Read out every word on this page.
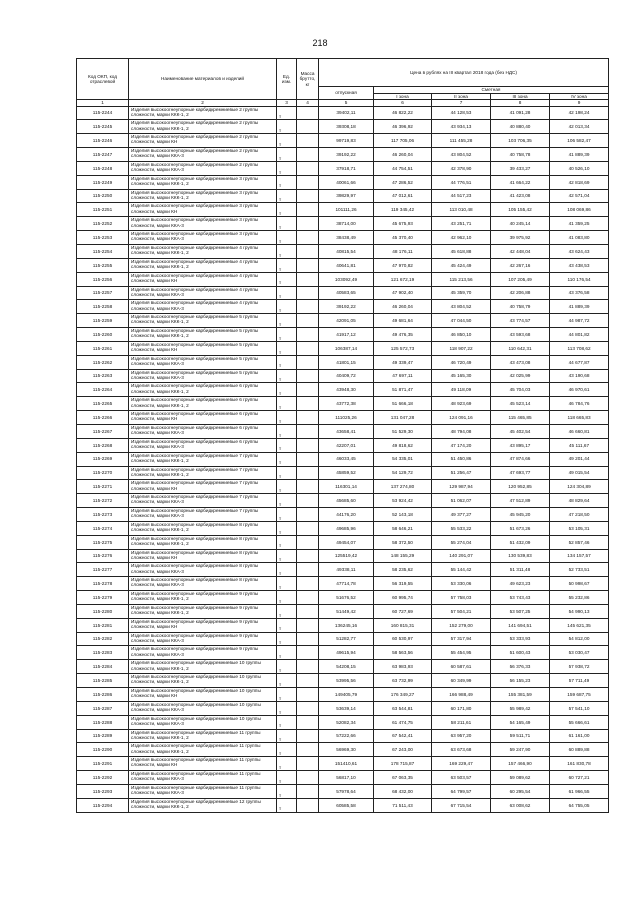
218
Код ОКП, код отраслевой	Наименование материалов и изделий	Ед. изм.	Масса брутто, кг	Цена в рублях на III квартал 2018 года (без НДС)				
				отпускная	Сметная			
					I зона	II зона	III зона	IV зона
1	2	3	4	5	6	7	8	9
115-2244	Изделия высокоогнеупорные карбидкремниевые 2 группы сложности, марки ККК-1, 2	т		39402,11	46 822,22	44 128,53	41 091,28	42 198,24
115-2245	Изделия высокоогнеупорные карбидкремниевые 2 группы сложности, марки ККК-1, 2	т		39308,18	46 396,92	43 934,13	40 880,40	42 013,34
115-2246	Изделия высокоогнеупорные карбидкремниевые 2 группы сложности, марки КН	т		99719,83	117 705,06	111 455,28	103 706,35	106 582,47
115-2247	Изделия высокоогнеупорные карбидкремниевые 2 группы сложности, марки ККА-3	т		39192,22	46 260,04	43 804,52	40 758,78	41 889,39
115-2248	Изделия высокоогнеупорные карбидкремниевые 2 группы сложности, марки ККА-3	т		37918,71	44 754,51	42 378,90	39 433,27	40 526,10
115-2249	Изделия высокоогнеупорные карбидкремниевые 3 группы сложности, марки ККК-1, 2	т		40061,66	47 286,52	44 776,51	41 664,22	42 818,69
115-2250	Изделия высокоогнеупорные карбидкремниевые 3 группы сложности, марки ККК-1, 2	т		39829,97	47 012,61	44 517,23	41 423,08	42 571,04
115-2251	Изделия высокоогнеупорные карбидкремниевые 3 группы сложности, марки КН	т		101111,26	119 345,42	113 010,48	105 155,42	108 069,86
115-2252	Изделия высокоогнеупорные карбидкремниевые 3 группы сложности, марки ККА-3	т		38714,00	45 675,93	43 251,71	40 245,14	41 359,25
115-2253	Изделия высокоогнеупорные карбидкремниевые 3 группы сложности, марки ККА-3	т		38438,49	45 370,40	42 962,10	39 975,92	41 083,80
115-2254	Изделия высокоогнеупорные карбидкремниевые 4 группы сложности, марки ККК-1, 2	т		40815,54	48 176,11	45 618,88	42 448,04	43 624,43
115-2255	Изделия высокоогнеупорные карбидкремниевые 4 группы сложности, марки ККК-1, 2	т		40641,81	47 970,82	45 424,49	42 267,16	43 438,53
115-2256	Изделия высокоогнеупорные карбидкремниевые 4 группы сложности, марки КН	т		103092,49	121 672,19	115 213,56	107 205,49	110 176,54
115-2257	Изделия высокоогнеупорные карбидкремниевые 4 группы сложности, марки ККА-3	т		40583,65	47 902,40	45 359,70	42 206,88	43 376,58
115-2258	Изделия высокоогнеупорные карбидкремниевые 4 группы сложности, марки ККА-3	т		39192,22	46 260,04	43 804,52	40 758,79	41 889,39
115-2259	Изделия высокоогнеупорные карбидкремниевые 5 группы сложности, марки ККК-1, 2	т		42091,05	49 681,64	47 044,50	43 774,57	44 987,72
115-2260	Изделия высокоогнеупорные карбидкремниевые 5 группы сложности, марки ККК-1, 2	т		41917,12	49 476,35	46 850,10	43 593,68	44 801,82
115-2261	Изделия высокоогнеупорные карбидкремниевые 5 группы сложности, марки КН	т		106387,14	125 572,73	118 907,22	110 642,31	113 708,62
115-2262	Изделия высокоогнеупорные карбидкремниевые 5 группы сложности, марки ККА-3	т		41801,15	49 339,47	46 720,49	43 473,08	44 677,87
115-2263	Изделия высокоогнеупорные карбидкремниевые 5 группы сложности, марки ККА-3	т		40409,72	47 697,11	45 165,30	42 025,99	43 190,68
115-2264	Изделия высокоогнеупорные карбидкремниевые 6 группы сложности, марки ККК-1, 2	т		43948,30	51 871,47	49 118,09	45 704,03	46 970,61
115-2265	Изделия высокоогнеупорные карбидкремниевые 6 группы сложности, марки ККК-1, 2	т		43772,38	51 666,18	48 923,69	45 523,14	46 784,76
115-2266	Изделия высокоогнеупорные карбидкремниевые 6 группы сложности, марки КН	т		111025,26	131 047,28	124 091,16	115 465,85	118 665,83
115-2267	Изделия высокоогнеупорные карбидкремниевые 6 группы сложности, марки ККА-3	т		43658,41	51 529,30	48 794,08	45 402,54	46 660,81
115-2268	Изделия высокоогнеупорные карбидкремниевые 6 группы сложности, марки ККА-3	т		42207,01	49 818,62	47 174,20	43 895,17	45 111,67
115-2269	Изделия высокоогнеупорные карбидкремниевые 7 группы сложности, марки ККК-1, 2	т		46033,45	54 335,01	51 450,86	47 874,66	49 201,44
115-2270	Изделия высокоогнеупорные карбидкремниевые 7 группы сложности, марки ККК-1, 2	т		45859,52	54 129,72	51 256,47	47 693,77	49 015,54
115-2271	Изделия высокоогнеупорные карбидкремниевые 7 группы сложности, марки КН	т		116301,14	137 274,80	129 987,94	120 952,85	124 304,89
115-2272	Изделия высокоогнеупорные карбидкремниевые 7 группы сложности, марки ККА-3	т		45685,60	53 924,42	51 062,07	47 512,89	48 829,64
115-2273	Изделия высокоогнеупорные карбидкремниевые 7 группы сложности, марки ККА-3	т		44176,20	52 143,18	49 377,27	45 945,20	47 218,50
115-2274	Изделия высокоогнеупорные карбидкремниевые 8 группы сложности, марки ККК-1, 2	т		49685,96	58 646,21	55 533,22	51 673,26	53 105,31
115-2275	Изделия высокоогнеупорные карбидкремниевые 8 группы сложности, марки ККК-1, 2	т		49454,07	58 372,50	55 274,04	51 432,09	52 857,46
115-2276	Изделия высокоогнеупорные карбидкремниевые 8 группы сложности, марки КН	т		125519,42	148 155,29	140 291,07	130 539,83	134 157,57
115-2277	Изделия высокоогнеупорные карбидкремниевые 8 группы сложности, марки ККА-3	т		49338,11	58 235,62	55 144,42	51 311,48	52 733,51
115-2278	Изделия высокоогнеупорные карбидкремниевые 8 группы сложности, марки ККА-3	т		47714,78	56 319,55	53 330,06	49 623,23	50 998,67
115-2279	Изделия высокоогнеупорные карбидкремниевые 9 группы сложности, марки ККК-1, 2	т		51676,52	60 995,74	57 758,03	53 743,43	55 232,86
115-2280	Изделия высокоогнеупорные карбидкремниевые 9 группы сложности, марки ККК-1, 2	т		51449,42	60 727,69	57 504,21	53 507,25	54 990,13
115-2281	Изделия высокоогнеупорные карбидкремниевые 9 группы сложности, марки КН	т		136245,16	160 815,31	152 279,00	141 694,51	145 621,35
115-2282	Изделия высокоогнеупорные карбидкремниевые 9 группы сложности, марки ККА-3	т		51282,77	60 530,97	57 317,94	53 333,93	54 812,00
115-2283	Изделия высокоогнеупорные карбидкремниевые 9 группы сложности, марки ККА-3	т		49615,94	58 563,56	55 454,95	51 600,43	53 030,47
115-2284	Изделия высокоогнеупорные карбидкремниевые 10 группы сложности, марки ККК-1, 2	т		54208,15	63 983,93	60 587,61	56 376,33	57 938,72
115-2285	Изделия высокоогнеупорные карбидкремниевые 10 группы сложности, марки ККК-1, 2	т		53995,56	63 732,99	60 349,99	56 155,23	57 711,49
115-2286	Изделия высокоогнеупорные карбидкремниевые 10 группы сложности, марки КН	т		149405,79	176 349,27	166 988,49	155 381,59	159 687,75
115-2287	Изделия высокоогнеупорные карбидкремниевые 10 группы сложности, марки ККА-3	т		53639,14	63 544,81	60 171,80	55 989,42	57 541,10
115-2288	Изделия высокоогнеупорные карбидкремниевые 10 группы сложности, марки ККА-3	т		52082,34	61 474,75	58 211,61	54 165,49	55 666,61
115-2289	Изделия высокоогнеупорные карбидкремниевые 11 группы сложности, марки ККК-1, 2	т		57222,66	67 542,41	63 957,20	59 511,71	61 161,00
115-2290	Изделия высокоогнеупорные карбидкремниевые 11 группы сложности, марки ККК-1, 2	т		56969,30	67 243,00	63 673,68	59 247,90	60 889,88
115-2291	Изделия высокоогнеупорные карбидкремниевые 11 группы сложности, марки КН	т		151410,61	178 715,87	169 229,47	157 466,90	161 830,78
115-2292	Изделия высокоогнеупорные карбидкремниевые 11 группы сложности, марки ККА-3	т		56817,10	67 063,35	63 503,57	59 089,62	60 727,21
115-2293	Изделия высокоогнеупорные карбидкремниевые 11 группы сложности, марки ККА-3	т		57978,64	68 432,00	64 799,57	60 295,54	61 966,55
115-2294	Изделия высокоогнеупорные карбидкремниевые 12 группы сложности, марки ККК-1, 2	т		60585,58	71 511,43	67 715,54	63 008,62	64 755,05
